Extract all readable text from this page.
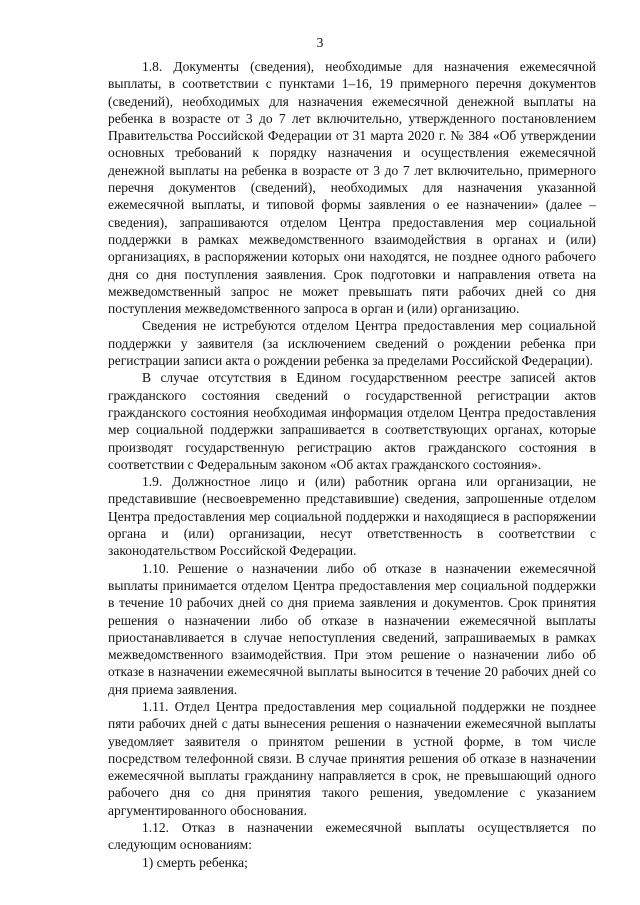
3

1.8. Документы (сведения), необходимые для назначения ежемесячной выплаты, в соответствии с пунктами 1–16, 19 примерного перечня документов (сведений), необходимых для назначения ежемесячной денежной выплаты на ребенка в возрасте от 3 до 7 лет включительно, утвержденного постановлением Правительства Российской Федерации от 31 марта 2020 г. № 384 «Об утверждении основных требований к порядку назначения и осуществления ежемесячной денежной выплаты на ребенка в возрасте от 3 до 7 лет включительно, примерного перечня документов (сведений), необходимых для назначения указанной ежемесячной выплаты, и типовой формы заявления о ее назначении» (далее – сведения), запрашиваются отделом Центра предоставления мер социальной поддержки в рамках межведомственного взаимодействия в органах и (или) организациях, в распоряжении которых они находятся, не позднее одного рабочего дня со дня поступления заявления. Срок подготовки и направления ответа на межведомственный запрос не может превышать пяти рабочих дней со дня поступления межведомственного запроса в орган и (или) организацию.

Сведения не истребуются отделом Центра предоставления мер социальной поддержки у заявителя (за исключением сведений о рождении ребенка при регистрации записи акта о рождении ребенка за пределами Российской Федерации).

В случае отсутствия в Едином государственном реестре записей актов гражданского состояния сведений о государственной регистрации актов гражданского состояния необходимая информация отделом Центра предоставления мер социальной поддержки запрашивается в соответствующих органах, которые производят государственную регистрацию актов гражданского состояния в соответствии с Федеральным законом «Об актах гражданского состояния».

1.9. Должностное лицо и (или) работник органа или организации, не представившие (несвоевременно представившие) сведения, запрошенные отделом Центра предоставления мер социальной поддержки и находящиеся в распоряжении органа и (или) организации, несут ответственность в соответствии с законодательством Российской Федерации.

1.10. Решение о назначении либо об отказе в назначении ежемесячной выплаты принимается отделом Центра предоставления мер социальной поддержки в течение 10 рабочих дней со дня приема заявления и документов. Срок принятия решения о назначении либо об отказе в назначении ежемесячной выплаты приостанавливается в случае непоступления сведений, запрашиваемых в рамках межведомственного взаимодействия. При этом решение о назначении либо об отказе в назначении ежемесячной выплаты выносится в течение 20 рабочих дней со дня приема заявления.

1.11. Отдел Центра предоставления мер социальной поддержки не позднее пяти рабочих дней с даты вынесения решения о назначении ежемесячной выплаты уведомляет заявителя о принятом решении в устной форме, в том числе посредством телефонной связи. В случае принятия решения об отказе в назначении ежемесячной выплаты гражданину направляется в срок, не превышающий одного рабочего дня со дня принятия такого решения, уведомление с указанием аргументированного обоснования.

1.12. Отказ в назначении ежемесячной выплаты осуществляется по следующим основаниям:

1) смерть ребенка;
